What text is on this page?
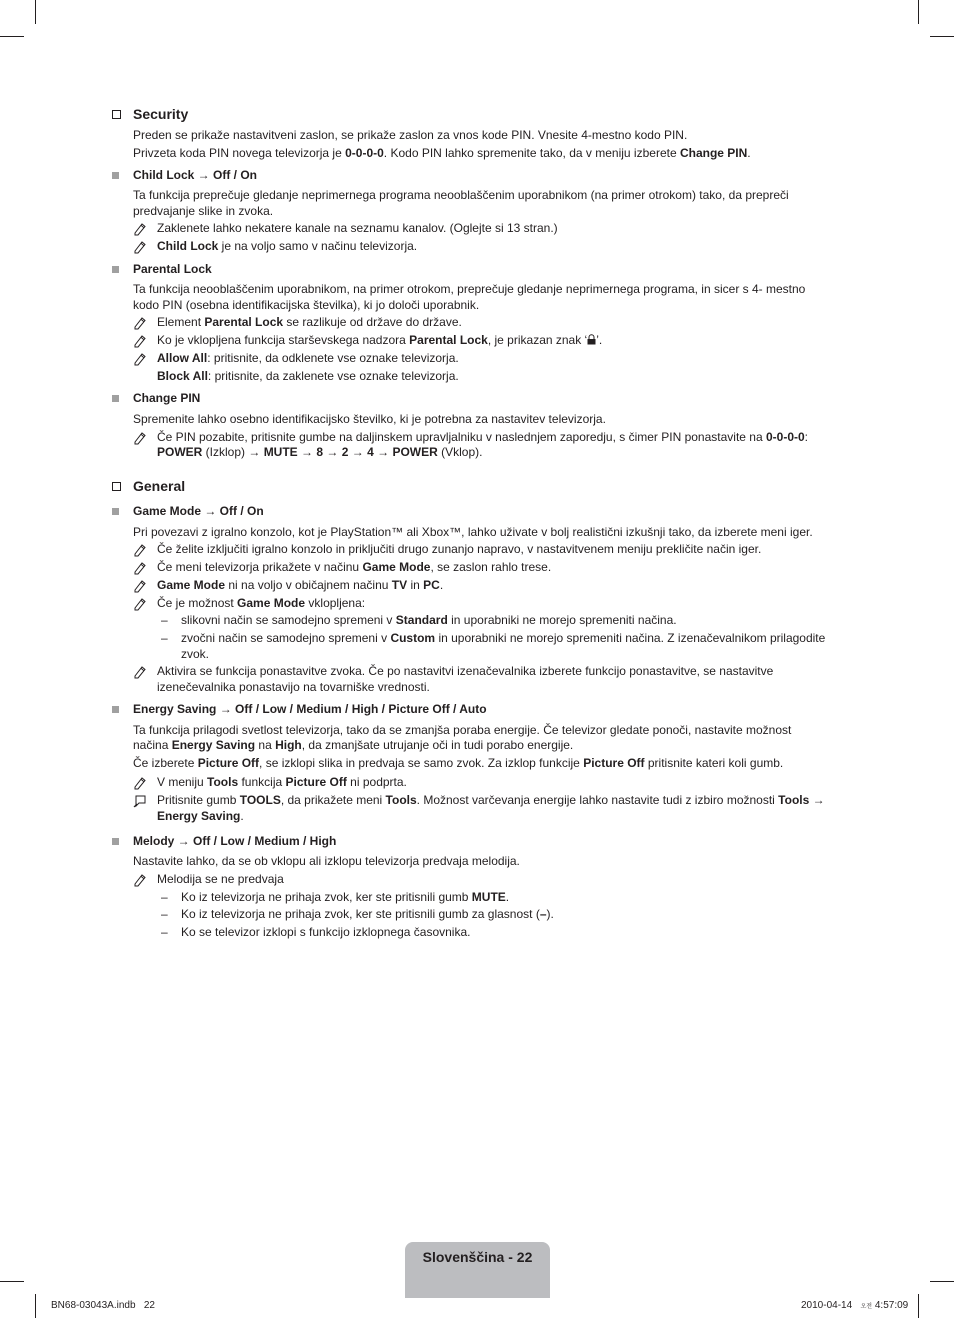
Security
Preden se prikaže nastavitveni zaslon, se prikaže zaslon za vnos kode PIN. Vnesite 4-mestno kodo PIN.
Privzeta koda PIN novega televizorja je 0-0-0-0. Kodo PIN lahko spremenite tako, da v meniju izberete Change PIN.
Child Lock → Off / On
Ta funkcija preprečuje gledanje neprimernega programa neooblaščenim uporabnikom (na primer otrokom) tako, da prepreči
predvajanje slike in zvoka.
Zaklenete lahko nekatere kanale na seznamu kanalov. (Oglejte si 13 stran.)
Child Lock je na voljo samo v načinu televizorja.
Parental Lock
Ta funkcija neooblaščenim uporabnikom, na primer otrokom, preprečuje gledanje neprimernega programa, in sicer s 4- mestno
kodo PIN (osebna identifikacijska številka), ki jo določi uporabnik.
Element Parental Lock se razlikuje od države do države.
Ko je vklopljena funkcija starševskega nadzora Parental Lock, je prikazan znak ‘ ’.
Allow All: pritisnite, da odklenete vse oznake televizorja.
Block All: pritisnite, da zaklenete vse oznake televizorja.
Change PIN
Spremenite lahko osebno identifikacijsko številko, ki je potrebna za nastavitev televizorja.
Če PIN pozabite, pritisnite gumbe na daljinskem upravljalniku v naslednjem zaporedju, s čimer PIN ponastavite na 0-0-0-0:
POWER (Izklop) → MUTE → 8 → 2 → 4 → POWER (Vklop).
General
Game Mode → Off / On
Pri povezavi z igralno konzolo, kot je PlayStation™ ali Xbox™, lahko uživate v bolj realistični izkušnji tako, da izberete meni iger.
Če želite izključiti igralno konzolo in priključiti drugo zunanjo napravo, v nastavitvenem meniju prekličite način iger.
Če meni televizorja prikažete v načinu Game Mode, se zaslon rahlo trese.
Game Mode ni na voljo v običajnem načinu TV in PC.
Če je možnost Game Mode vklopljena:
– slikovni način se samodejno spremeni v Standard in uporabniki ne morejo spremeniti načina.
– zvočni način se samodejno spremeni v Custom in uporabniki ne morejo spremeniti načina. Z izenačevalnikom prilagodite
zvok.
Aktivira se funkcija ponastavitve zvoka. Če po nastavitvi izenačevalnika izberete funkcijo ponastavitve, se nastavitve
izenečevalnika ponastavijo na tovarniške vrednosti.
Energy Saving → Off / Low / Medium / High / Picture Off / Auto
Ta funkcija prilagodi svetlost televizorja, tako da se zmanjša poraba energije. Če televizor gledate ponoči, nastavite možnost
načina Energy Saving na High, da zmanjšate utrujanje oči in tudi porabo energije.
Če izberete Picture Off, se izklopi slika in predvaja se samo zvok. Za izklop funkcije Picture Off pritisnite kateri koli gumb.
V meniju Tools funkcija Picture Off ni podprta.
Pritisnite gumb TOOLS, da prikažete meni Tools. Možnost varčevanja energije lahko nastavite tudi z izbiro možnosti Tools →
Energy Saving.
Melody → Off / Low / Medium / High
Nastavite lahko, da se ob vklopu ali izklopu televizorja predvaja melodija.
Melodija se ne predvaja
– Ko iz televizorja ne prihaja zvok, ker ste pritisnili gumb MUTE.
– Ko iz televizorja ne prihaja zvok, ker ste pritisnili gumb za glasnost (–).
– Ko se televizor izklopi s funkcijo izklopnega časovnika.
Slovenščina - 22
BN68-03043A.indb   22	2010-04-14   오전 4:57:09
